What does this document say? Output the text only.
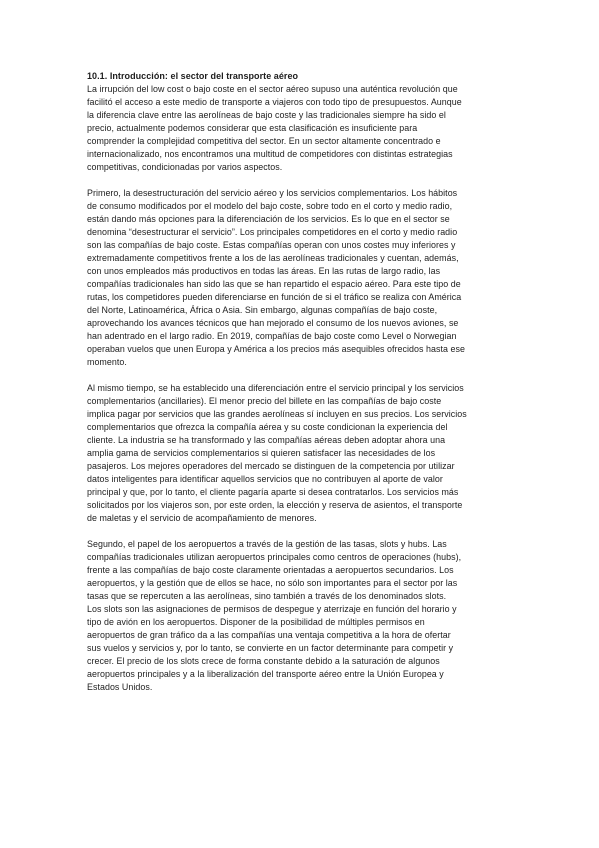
10.1. Introducción: el sector del transporte aéreo

La irrupción del low cost o bajo coste en el sector aéreo supuso una auténtica revolución que
facilitó el acceso a este medio de transporte a viajeros con todo tipo de presupuestos. Aunque
la diferencia clave entre las aerolíneas de bajo coste y las tradicionales siempre ha sido el
precio, actualmente podemos considerar que esta clasificación es insuficiente para
comprender la complejidad competitiva del sector. En un sector altamente concentrado e
internacionalizado, nos encontramos una multitud de competidores con distintas estrategias
competitivas, condicionadas por varios aspectos.

Primero, la desestructuración del servicio aéreo y los servicios complementarios. Los hábitos
de consumo modificados por el modelo del bajo coste, sobre todo en el corto y medio radio,
están dando más opciones para la diferenciación de los servicios. Es lo que en el sector se
denomina “desestructurar el servicio”. Los principales competidores en el corto y medio radio
son las compañías de bajo coste. Estas compañías operan con unos costes muy inferiores y
extremadamente competitivos frente a los de las aerolíneas tradicionales y cuentan, además,
con unos empleados más productivos en todas las áreas. En las rutas de largo radio, las
compañías tradicionales han sido las que se han repartido el espacio aéreo. Para este tipo de
rutas, los competidores pueden diferenciarse en función de si el tráfico se realiza con América
del Norte, Latinoamérica, África o Asia. Sin embargo, algunas compañías de bajo coste,
aprovechando los avances técnicos que han mejorado el consumo de los nuevos aviones, se
han adentrado en el largo radio. En 2019, compañías de bajo coste como Level o Norwegian
operaban vuelos que unen Europa y América a los precios más asequibles ofrecidos hasta ese
momento.

Al mismo tiempo, se ha establecido una diferenciación entre el servicio principal y los servicios
complementarios (ancillaries). El menor precio del billete en las compañías de bajo coste
implica pagar por servicios que las grandes aerolíneas sí incluyen en sus precios. Los servicios
complementarios que ofrezca la compañía aérea y su coste condicionan la experiencia del
cliente. La industria se ha transformado y las compañías aéreas deben adoptar ahora una
amplia gama de servicios complementarios si quieren satisfacer las necesidades de los
pasajeros. Los mejores operadores del mercado se distinguen de la competencia por utilizar
datos inteligentes para identificar aquellos servicios que no contribuyen al aporte de valor
principal y que, por lo tanto, el cliente pagaría aparte si desea contratarlos. Los servicios más
solicitados por los viajeros son, por este orden, la elección y reserva de asientos, el transporte
de maletas y el servicio de acompañamiento de menores.

Segundo, el papel de los aeropuertos a través de la gestión de las tasas, slots y hubs. Las
compañías tradicionales utilizan aeropuertos principales como centros de operaciones (hubs),
frente a las compañías de bajo coste claramente orientadas a aeropuertos secundarios. Los
aeropuertos, y la gestión que de ellos se hace, no sólo son importantes para el sector por las
tasas que se repercuten a las aerolíneas, sino también a través de los denominados slots.
Los slots son las asignaciones de permisos de despegue y aterrizaje en función del horario y
tipo de avión en los aeropuertos. Disponer de la posibilidad de múltiples permisos en
aeropuertos de gran tráfico da a las compañías una ventaja competitiva a la hora de ofertar
sus vuelos y servicios y, por lo tanto, se convierte en un factor determinante para competir y
crecer. El precio de los slots crece de forma constante debido a la saturación de algunos
aeropuertos principales y a la liberalización del transporte aéreo entre la Unión Europea y
Estados Unidos.
